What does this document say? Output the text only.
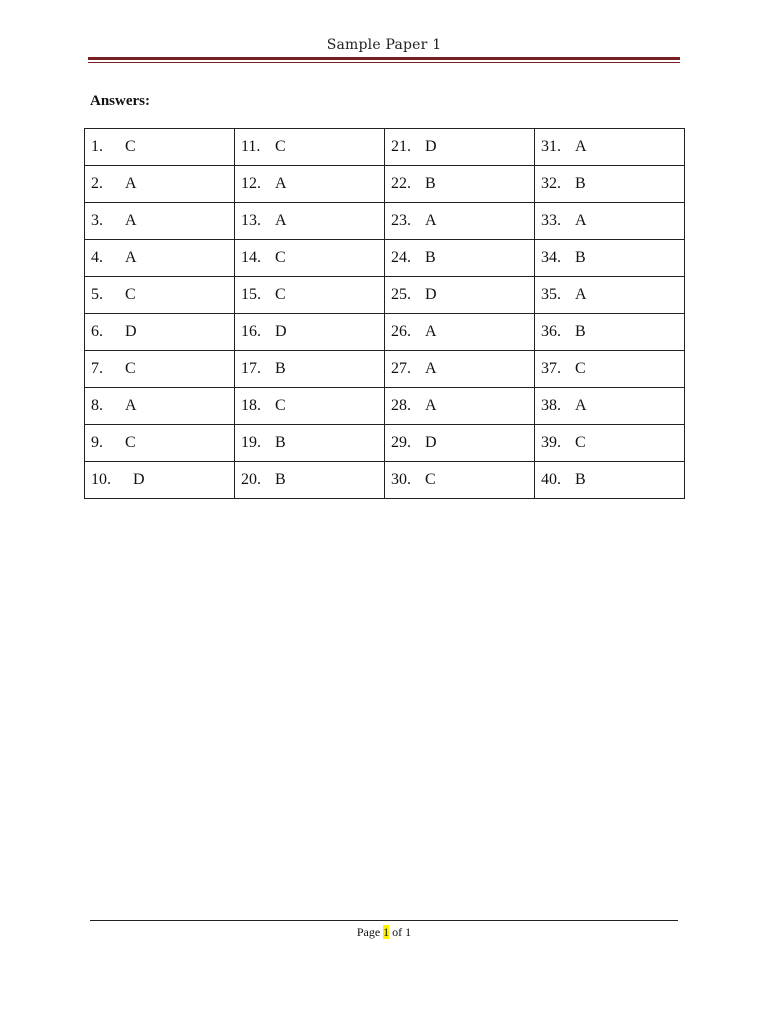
Sample Paper 1
Answers:
1. C	11. C	21. D	31. A
2. A	12. A	22. B	32. B
3. A	13. A	23. A	33. A
4. A	14. C	24. B	34. B
5. C	15. C	25. D	35. A
6. D	16. D	26. A	36. B
7. C	17. B	27. A	37. C
8. A	18. C	28. A	38. A
9. C	19. B	29. D	39. C
10. D	20. B	30. C	40. B
Page 1 of 1
